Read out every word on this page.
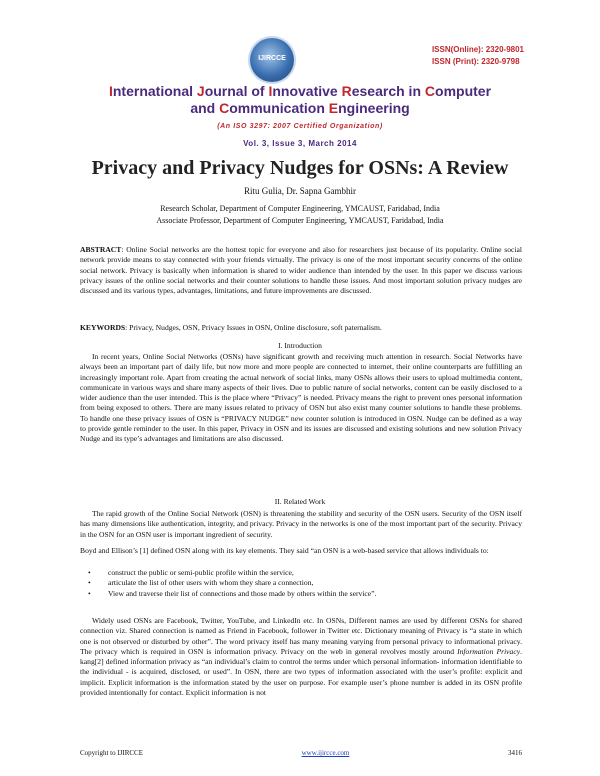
IJIRCCE
ISSN(Online): 2320-9801
ISSN (Print): 2320-9798
International Journal of Innovative Research in Computer
and Communication Engineering
(An ISO 3297: 2007 Certified Organization)
Vol. 3, Issue 3, March 2014
Privacy and Privacy Nudges for OSNs: A Review
Ritu Gulia, Dr. Sapna Gambhir
Research Scholar, Department of Computer Engineering, YMCAUST, Faridabad, India
Associate Professor, Department of Computer Engineering, YMCAUST, Faridabad, India
ABSTRACT: Online Social networks are the hottest topic for everyone and also for researchers just because of its popularity. Online social network provide means to stay connected with your friends virtually. The privacy is one of the most important security concerns of the online social network. Privacy is basically when information is shared to wider audience than intended by the user. In this paper we discuss various privacy issues of the online social networks and their counter solutions to handle these issues. And most important solution privacy nudges are discussed and its various types, advantages, limitations, and future improvements are discussed.
KEYWORDS: Privacy, Nudges, OSN, Privacy Issues in OSN, Online disclosure, soft paternalism.
I. Introduction
In recent years, Online Social Networks (OSNs) have significant growth and receiving much attention in research. Social Networks have always been an important part of daily life, but now more and more people are connected to internet, their online counterparts are fulfilling an increasingly important role. Apart from creating the actual network of social links, many OSNs allows their users to upload multimedia content, communicate in various ways and share many aspects of their lives. Due to public nature of social networks, content can be easily disclosed to a wider audience than the user intended. This is the place where “Privacy” is needed. Privacy means the right to prevent ones personal information from being exposed to others. There are many issues related to privacy of OSN but also exist many counter solutions to handle these problems. To handle one these privacy issues of OSN is “PRIVACY NUDGE” new counter solution is introduced in OSN. Nudge can be defined as a way to provide gentle reminder to the user. In this paper, Privacy in OSN and its issues are discussed and existing solutions and new solution Privacy Nudge and its type’s advantages and limitations are also discussed.
II. Related Work
The rapid growth of the Online Social Network (OSN) is threatening the stability and security of the OSN users. Security of the OSN itself has many dimensions like authentication, integrity, and privacy. Privacy in the networks is one of the most important part of the security. Privacy in the OSN for an OSN user is important ingredient of security.
Boyd and Ellison’s [1] defined OSN along with its key elements. They said “an OSN is a web-based service that allows individuals to:
• construct the public or semi-public profile within the service,
• articulate the list of other users with whom they share a connection,
• View and traverse their list of connections and those made by others within the service”.
Widely used OSNs are Facebook, Twitter, YouTube, and LinkedIn etc. In OSNs, Different names are used by different OSNs for shared connection viz. Shared connection is named as Friend in Facebook, follower in Twitter etc. Dictionary meaning of Privacy is “a state in which one is not observed or disturbed by other”. The word privacy itself has many meaning varying from personal privacy to informational privacy. The privacy which is required in OSN is information privacy. Privacy on the web in general revolves mostly around Information Privacy. kang[2] defined information privacy as “an individual’s claim to control the terms under which personal information- information identifiable to the individual - is acquired, disclosed, or used”. In OSN, there are two types of information associated with the user’s profile: explicit and implicit. Explicit information is the information stated by the user on purpose. For example user’s phone number is added in its OSN profile provided intentionally for contact. Explicit information is not
Copyright to IJIRCCE	www.ijircce.com	3416
